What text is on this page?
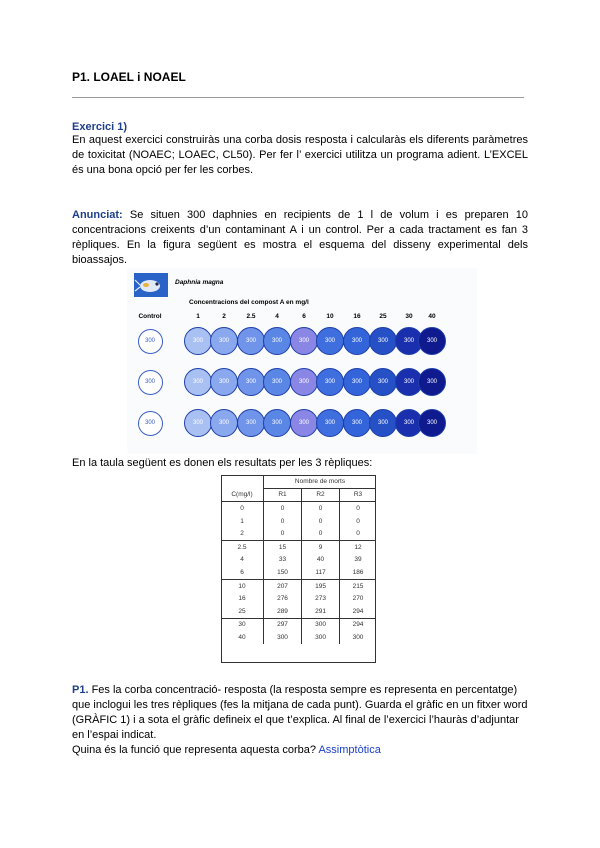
P1. LOAEL i NOAEL
Exercici 1)
En aquest exercici construiràs una corba dosis resposta i calcularàs els diferents paràmetres de toxicitat (NOAEC; LOAEC, CL50). Per fer l’ exercici utilitza un programa adient. L’EXCEL és una bona opció per fer les corbes.
Anunciat: Se situen 300 daphnies en recipients de 1 l de volum i es preparen 10 concentracions creixents d’un contaminant A i un control. Per a cada tractament es fan 3 rèpliques. En la figura següent es mostra el esquema del disseny experimental dels bioassajos.
Daphnia magna
Concentracions del compost A en mg/l
Control	1	2	2.5	4	6	10	16	25	30	40
300	300	300	300	300	300	300	300	300	300	300
300	300	300	300	300	300	300	300	300	300	300
300	300	300	300	300	300	300	300	300	300	300
En la taula següent es donen els resultats per les 3 rèpliques:
	Nombre de morts		
C(mg/l)	R1	R2	R3
0	0	0	0
1	0	0	0
2	0	0	0
2.5	15	9	12
4	33	40	39
6	150	117	186
10	207	195	215
16	276	273	270
25	289	291	294
30	297	300	294
40	300	300	300
P1. Fes la corba concentració- resposta (la resposta sempre es representa en percentatge) que inclogui les tres rèpliques (fes la mitjana de cada punt). Guarda el gràfic en un fitxer word (GRÀFIC 1) i a sota el gràfic defineix el que t’explica. Al final de l’exercici l’hauràs d’adjuntar en l’espai indicat.
Quina és la funció que representa aquesta corba? Assimptòtica
